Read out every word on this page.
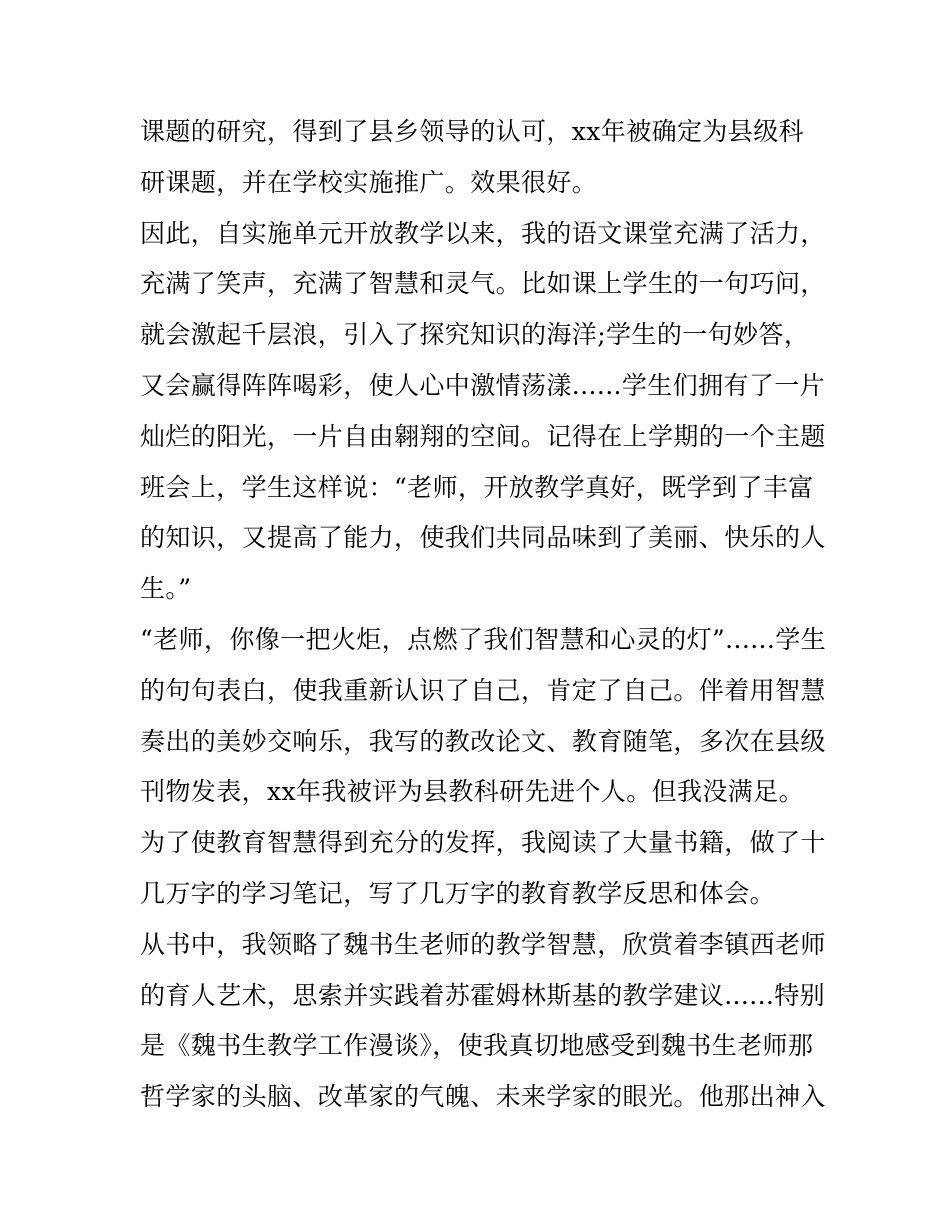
课题的研究，得到了县乡领导的认可，xx年被确定为县级科
研课题，并在学校实施推广。效果很好。
因此，自实施单元开放教学以来，我的语文课堂充满了活力，
充满了笑声，充满了智慧和灵气。比如课上学生的一句巧问，
就会激起千层浪，引入了探究知识的海洋;学生的一句妙答，
又会赢得阵阵喝彩，使人心中激情荡漾......学生们拥有了一片
灿烂的阳光，一片自由翱翔的空间。记得在上学期的一个主题
班会上，学生这样说：“老师，开放教学真好，既学到了丰富
的知识，又提高了能力，使我们共同品味到了美丽、快乐的人
生。”
“老师，你像一把火炬，点燃了我们智慧和心灵的灯”......学生
的句句表白，使我重新认识了自己，肯定了自己。伴着用智慧
奏出的美妙交响乐，我写的教改论文、教育随笔，多次在县级
刊物发表，xx年我被评为县教科研先进个人。但我没满足。
为了使教育智慧得到充分的发挥，我阅读了大量书籍，做了十
几万字的学习笔记，写了几万字的教育教学反思和体会。
从书中，我领略了魏书生老师的教学智慧，欣赏着李镇西老师
的育人艺术，思索并实践着苏霍姆林斯基的教学建议......特别
是《魏书生教学工作漫谈》，使我真切地感受到魏书生老师那
哲学家的头脑、改革家的气魄、未来学家的眼光。他那出神入
